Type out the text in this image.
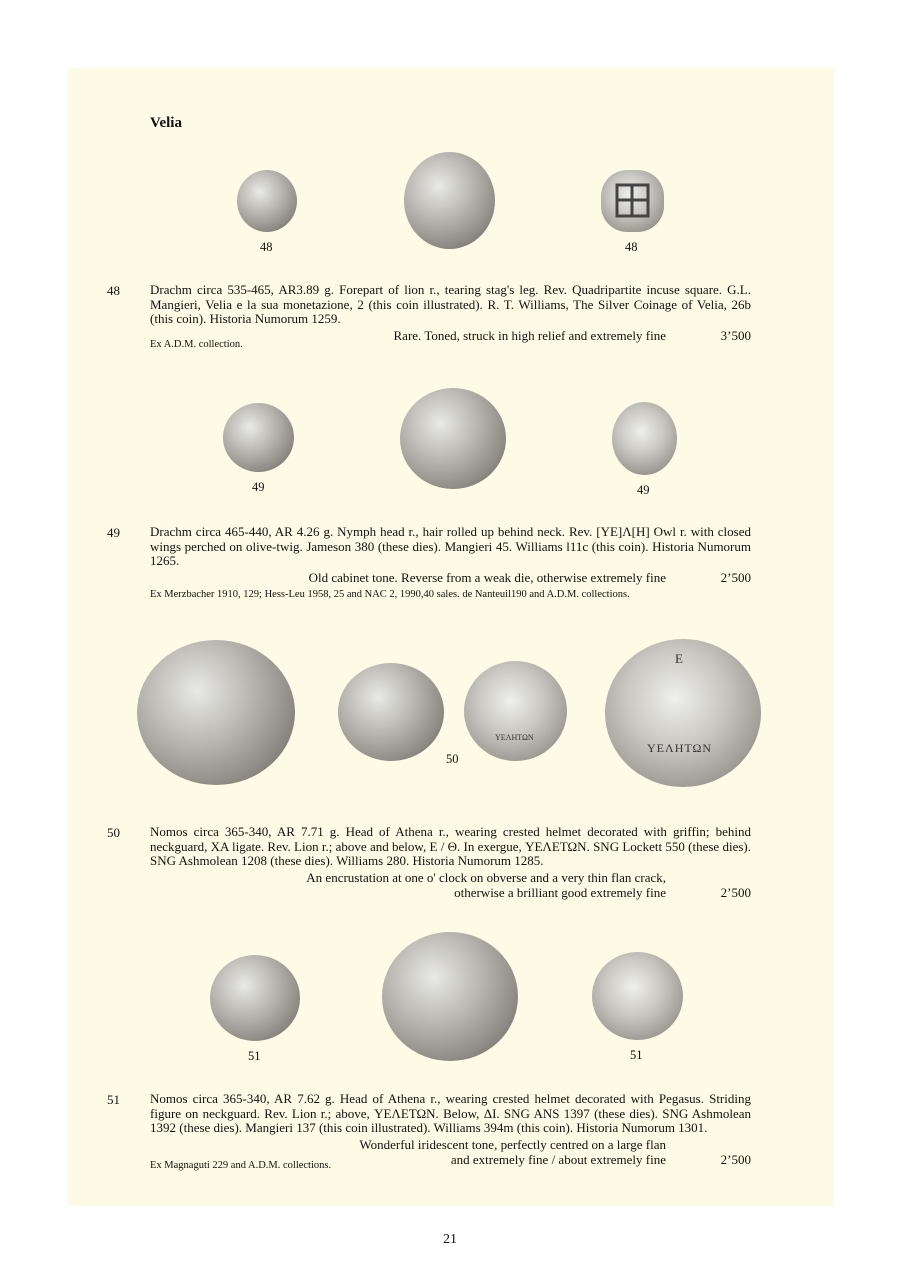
Velia
48	48
48 Drachm circa 535-465, AR3.89 g. Forepart of lion r., tearing stag's leg. Rev. Quadripartite incuse square. G.L. Mangieri, Velia e la sua monetazione, 2 (this coin illustrated). R. T. Williams, The Silver Coinage of Velia, 26b (this coin). Historia Numorum 1259.
Rare. Toned, struck in high relief and extremely fine	3’500
Ex A.D.M. collection.
49	49
49 Drachm circa 465-440, AR 4.26 g. Nymph head r., hair rolled up behind neck. Rev. [YE]Λ[H] Owl r. with closed wings perched on olive-twig. Jameson 380 (these dies). Mangieri 45. Williams l11c (this coin). Historia Numorum 1265.
Old cabinet tone. Reverse from a weak die, otherwise extremely fine	2’500
Ex Merzbacher 1910, 129; Hess-Leu 1958, 25 and NAC 2, 1990,40 sales. de Nanteuil190 and A.D.M. collections.
ΥΕΛΗΤΩΝ
Ε
ΥΕΛΗΤΩΝ
50
50 Nomos circa 365-340, AR 7.71 g. Head of Athena r., wearing crested helmet decorated with griffin; behind neckguard, XA ligate. Rev. Lion r.; above and below, Ε / Θ. In exergue, ΥΕΛΕΤΩΝ. SNG Lockett 550 (these dies). SNG Ashmolean 1208 (these dies). Williams 280. Historia Numorum 1285.
An encrustation at one o' clock on obverse and a very thin flan crack,
otherwise a brilliant good extremely fine	2’500
51	51
51 Nomos circa 365-340, AR 7.62 g. Head of Athena r., wearing crested helmet decorated with Pegasus. Striding figure on neckguard. Rev. Lion r.; above, ΥΕΛΕΤΩΝ. Below, ΔΙ. SNG ANS 1397 (these dies). SNG Ashmolean 1392 (these dies). Mangieri 137 (this coin illustrated). Williams 394m (this coin). Historia Numorum 1301.
Wonderful iridescent tone, perfectly centred on a large flan
and extremely fine / about extremely fine	2’500
Ex Magnaguti 229 and A.D.M. collections.
21
